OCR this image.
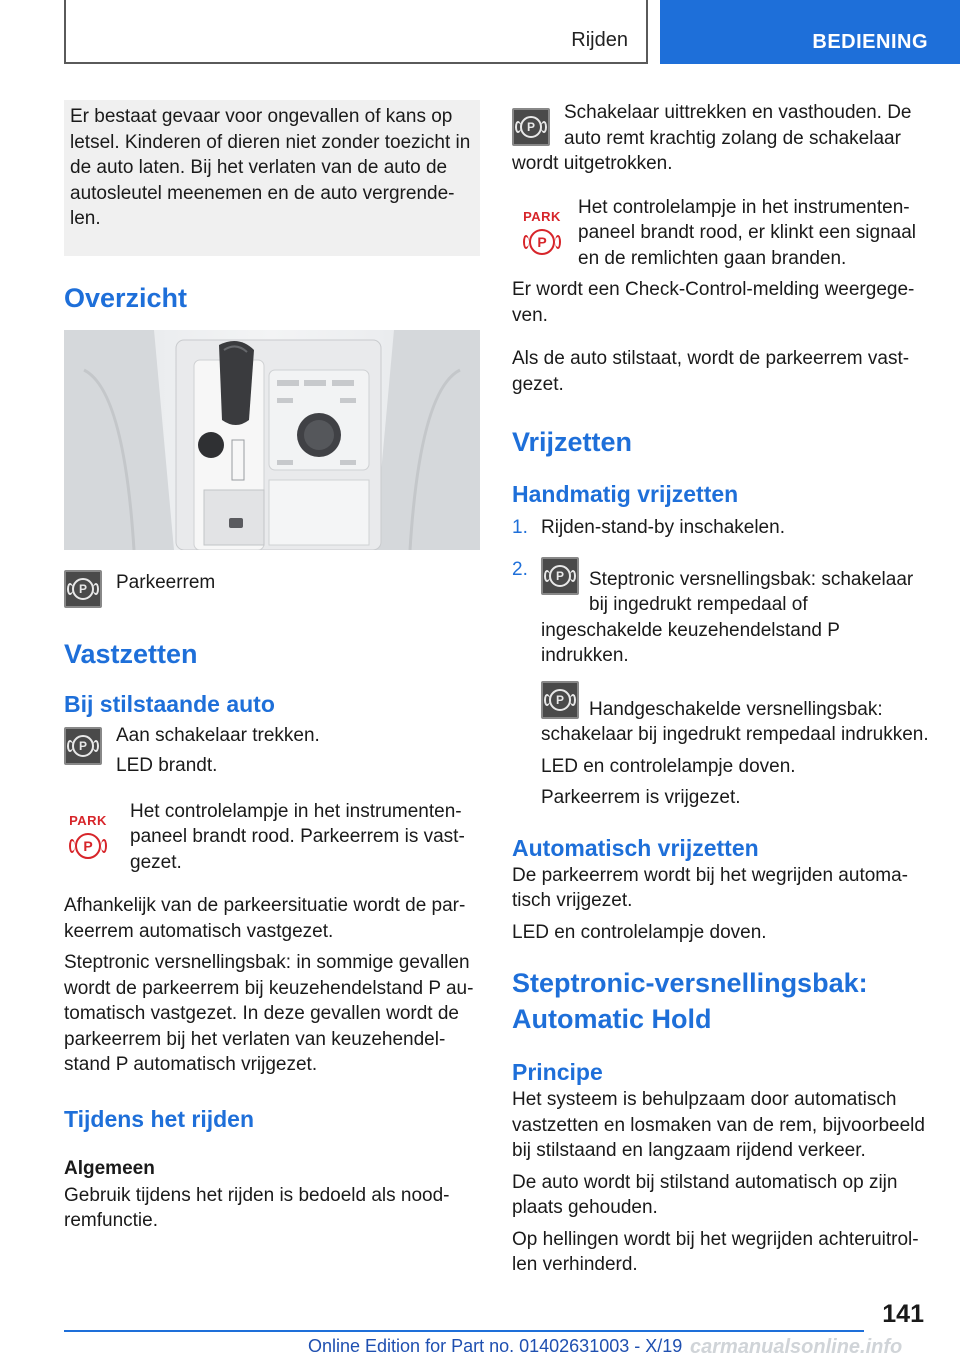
Rijden	BEDIENING

Er bestaat gevaar voor ongevallen of kans op letsel. Kinderen of dieren niet zonder toezicht in de auto laten. Bij het verlaten van de auto de autosleutel meenemen en de auto vergrende-len.

Overzicht
P	Parkeerrem

Vastzetten
Bij stilstaande auto
P	Aan schakelaar trekken.

LED brandt.

PARK
P

Het controlelampje in het instrumenten-paneel brandt rood. Parkeerrem is vast-gezet.

Afhankelijk van de parkeersituatie wordt de par-keerrem automatisch vastgezet.

Steptronic versnellingsbak: in sommige gevallen wordt de parkeerrem bij keuzehendelstand P au-tomatisch vastgezet. In deze gevallen wordt de parkeerrem bij het verlaten van keuzehendel-stand P automatisch vrijgezet.

Tijdens het rijden
Algemeen

Gebruik tijdens het rijden is bedoeld als nood-remfunctie.

P

Schakelaar uittrekken en vasthouden. De auto remt krachtig zolang de schakelaar wordt uitgetrokken.

PARK
P

Het controlelampje in het instrumenten-paneel brandt rood, er klinkt een signaal en de remlichten gaan branden.

Er wordt een Check-Control-melding weergege-ven.

Als de auto stilstaat, wordt de parkeerrem vast-gezet.

Vrijzetten
Handmatig vrijzetten
1. Rijden-stand-by inschakelen.

2.	P	Steptronic versnellingsbak: schakelaar bij ingedrukt rempedaal of ingeschakelde keuzehendelstand P indrukken.

P	Handgeschakelde versnellingsbak: schakelaar bij ingedrukt rempedaal indrukken.

LED en controlelampje doven.

Parkeerrem is vrijgezet.

Automatisch vrijzetten

De parkeerrem wordt bij het wegrijden automa-tisch vrijgezet.

LED en controlelampje doven.

Steptronic-versnellingsbak: Automatic Hold
Principe

Het systeem is behulpzaam door automatisch vastzetten en losmaken van de rem, bijvoorbeeld bij stilstaand en langzaam rijdend verkeer.

De auto wordt bij stilstand automatisch op zijn plaats gehouden.

Op hellingen wordt bij het wegrijden achteruitrol-len verhinderd.

141
Online Edition for Part no. 01402631003 - X/19 carmanualsonline.info
